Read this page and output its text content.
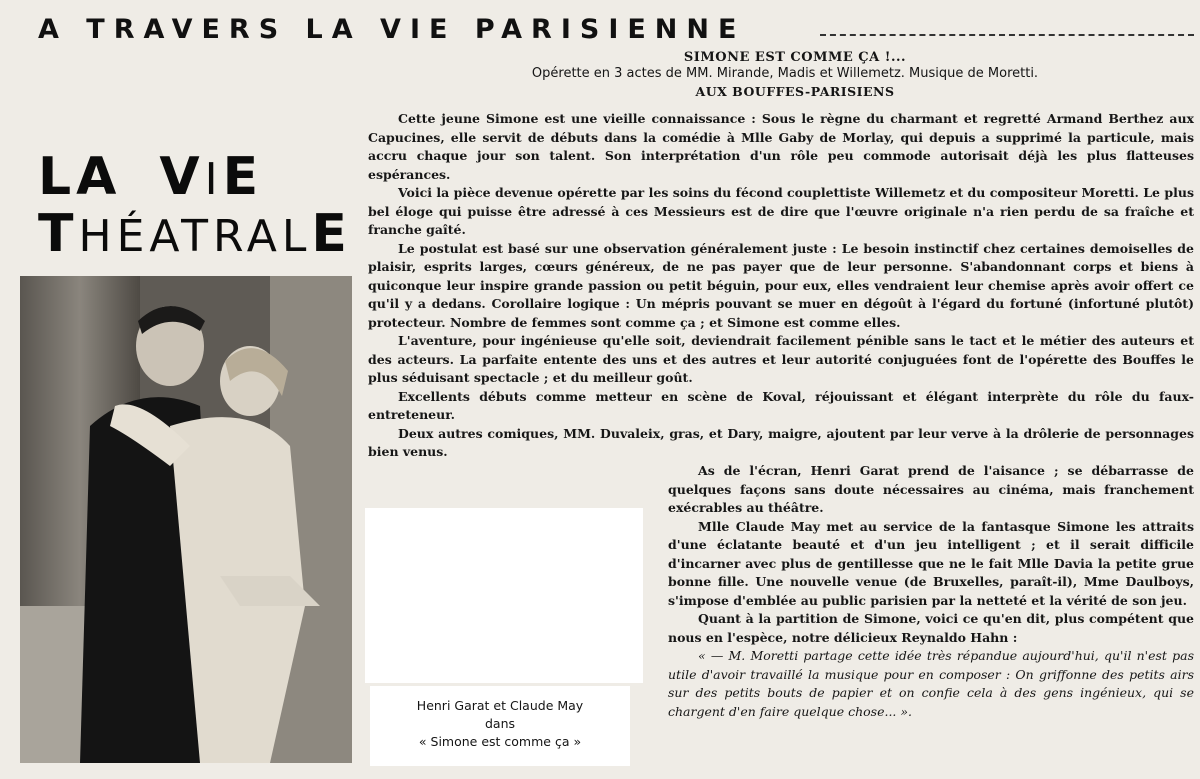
A TRAVERS LA VIE PARISIENNE
SIMONE EST COMME ÇA !...
Opérette en 3 actes de MM. Mirande, Madis et Willemetz. Musique de Moretti.
AUX BOUFFES-PARISIENS
LA VIE
THÉATRALE
Henri Garat et Claude May
dans
« Simone est comme ça »

Cette jeune Simone est une vieille connaissance : Sous le règne du charmant et regretté Armand Berthez aux Capucines, elle servit de débuts dans la comédie à Mlle Gaby de Morlay, qui depuis a supprimé la particule, mais accru chaque jour son talent. Son interprétation d'un rôle peu commode autorisait déjà les plus flatteuses espérances.

Voici la pièce devenue opérette par les soins du fécond couplettiste Willemetz et du compositeur Moretti. Le plus bel éloge qui puisse être adressé à ces Messieurs est de dire que l'œuvre originale n'a rien perdu de sa fraîche et franche gaîté.

Le postulat est basé sur une observation généralement juste : Le besoin instinctif chez certaines demoiselles de plaisir, esprits larges, cœurs généreux, de ne pas payer que de leur personne. S'abandonnant corps et biens à quiconque leur inspire grande passion ou petit béguin, pour eux, elles vendraient leur chemise après avoir offert ce qu'il y a dedans. Corollaire logique : Un mépris pouvant se muer en dégoût à l'égard du fortuné (infortuné plutôt) protecteur. Nombre de femmes sont comme ça ; et Simone est comme elles.

L'aventure, pour ingénieuse qu'elle soit, deviendrait facilement pénible sans le tact et le métier des auteurs et des acteurs. La parfaite entente des uns et des autres et leur autorité conjuguées font de l'opérette des Bouffes le plus séduisant spectacle ; et du meilleur goût.

Excellents débuts comme metteur en scène de Koval, réjouissant et élégant interprète du rôle du faux-entreteneur.

Deux autres comiques, MM. Duvaleix, gras, et Dary, maigre, ajoutent par leur verve à la drôlerie de personnages bien venus.

As de l'écran, Henri Garat prend de l'aisance ; se débarrasse de quelques façons sans doute nécessaires au cinéma, mais franchement exécrables au théâtre.

Mlle Claude May met au service de la fantasque Simone les attraits d'une éclatante beauté et d'un jeu intelligent ; et il serait difficile d'incarner avec plus de gentillesse que ne le fait Mlle Davia la petite grue bonne fille. Une nouvelle venue (de Bruxelles, paraît-il), Mme Daulboys, s'impose d'emblée au public parisien par la netteté et la vérité de son jeu.

Quant à la partition de Simone, voici ce qu'en dit, plus compétent que nous en l'espèce, notre délicieux Reynaldo Hahn :

« — M. Moretti partage cette idée très répandue aujourd'hui, qu'il n'est pas utile d'avoir travaillé la musique pour en composer : On griffonne des petits airs sur des petits bouts de papier et on confie cela à des gens ingénieux, qui se chargent d'en faire quelque chose... ».
